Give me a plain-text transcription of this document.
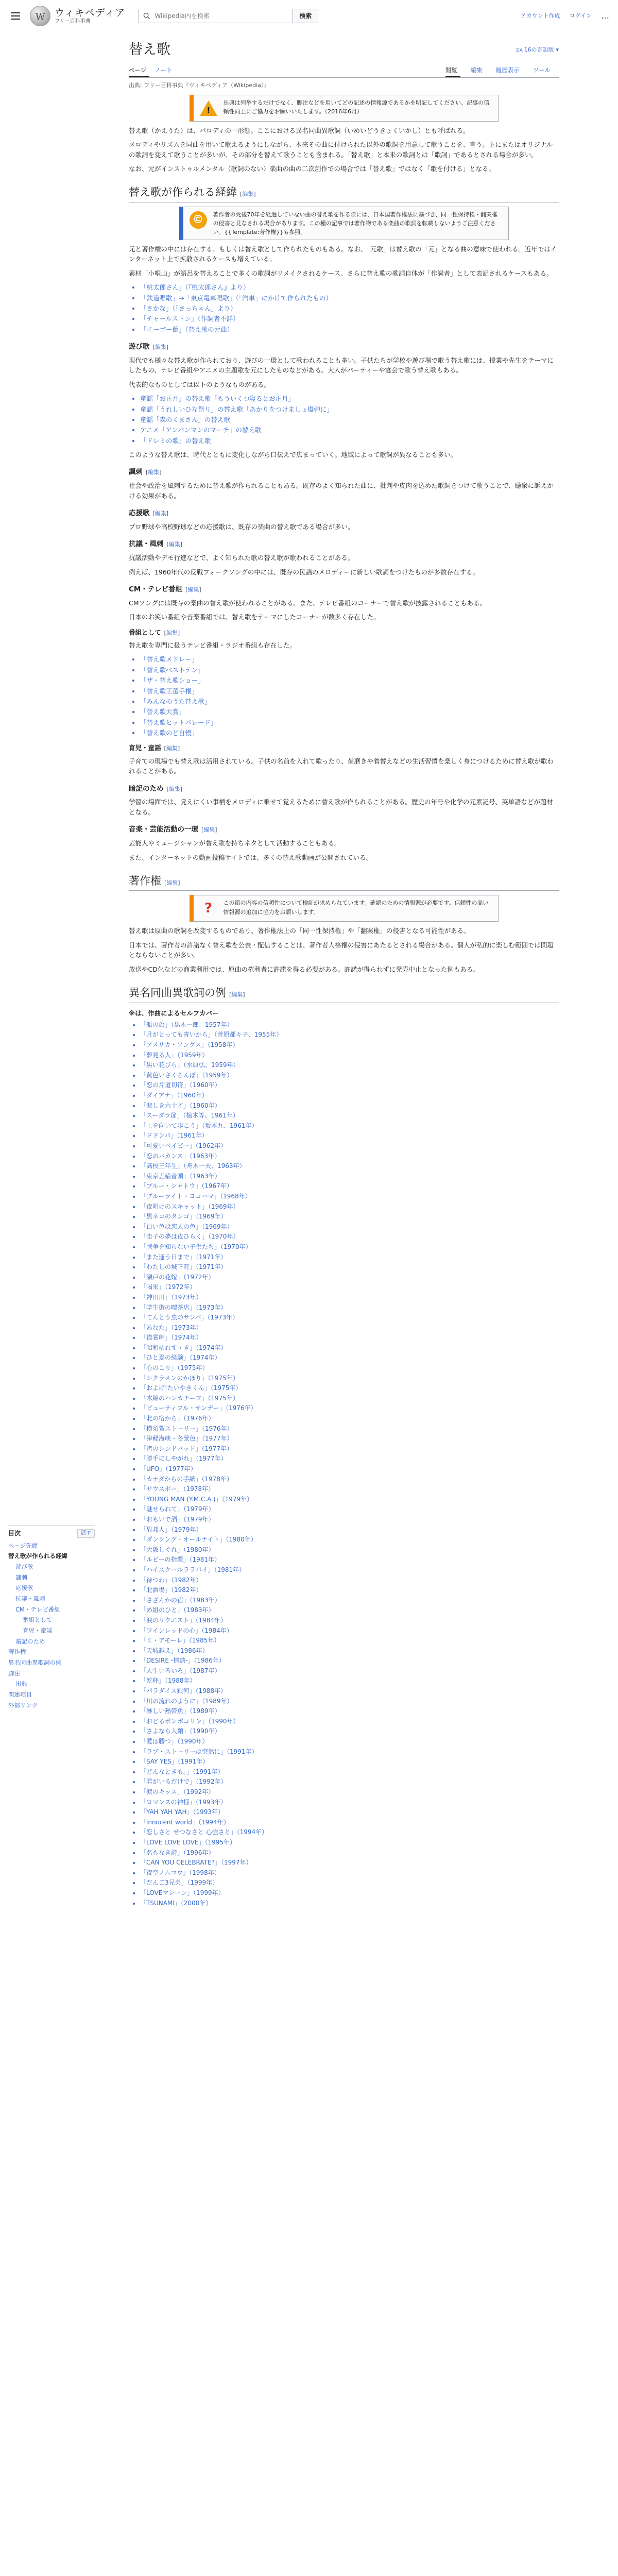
W
ウィキペディア
フリー百科事典
Wikipedia内を検索
検索	アカウント作成 ログイン …
目次	隠す
ページ先頭
替え歌が作られる経緯
遊び歌
諷刺
応援歌
抗議・風刺
CM・テレビ番組
番組として
育児・童謡
暗記のため
著作権
異名同曲異歌詞の例
脚注
出典
関連項目
外部リンク
替え歌	文A 16の言語版 ▾
ページ	ノート	閲覧	編集	履歴表示	ツール
出典: フリー百科事典『ウィキペディア（Wikipedia）』
!
出典は列挙するだけでなく、脚注などを用いてどの記述の情報源であるかを明記してください。記事の信頼性向上にご協力をお願いいたします。（2016年6月）

替え歌（かえうた）は、パロディの一形態。ここにおける異名同曲異歌詞（いめいどうきょくいかし）とも呼ばれる。

メロディやリズムを同曲を用いて歌えるようにしながら、本来その曲に付けられた以外の歌詞を用意して歌うことを、言う。主にまたはオリジナルの歌詞を変えて歌うことが多いが、その部分を替えて歌うことも含まれる。「替え歌」と本来の歌詞とは「歌詞」であるとされる場合が多い。

なお、元がインストゥルメンタル（歌詞のない）楽曲の曲の二次創作での場合では「替え歌」ではなく「歌を付ける」となる。

替え歌が作られる経緯 [編集]
©	著作者の死後70年を経過していない曲の替え歌を作る際には、日本国著作権法に基づき、同一性保持権・翻案権の侵害と見なされる場合があります。この種の記事では著作物である楽曲の歌詞を転載しないようご注意ください。{{Template:著作権}}も参照。

元と著作権の中には存在する、もしくは替え歌として作られたものもある。なお、「元歌」は替え歌の「元」となる曲の意味で使われる。近年ではインターネット上で拡散されるケースも増えている。

素材「小唄山」が語呂を替えることで多くの歌詞がリメイクされるケース、さらに替え歌の歌詞自体が「作詞者」として表記されるケースもある。

• 「桃太郎さん」（『桃太郎さん』より）
• 「鉄道唱歌」→「東京電車唱歌」（「汽車」にかけて作られたもの）
• 「さかな」（「さっちゃん」より）
• 「チャールストン」（作詞者不詳）
• 「イーゴー節」（替え歌の元曲）
遊び歌 [編集]

現代でも様々な替え歌が作られており、遊びの一環として歌われることも多い。子供たちが学校や遊び場で歌う替え歌には、授業や先生をテーマにしたもの、テレビ番組やアニメの主題歌を元にしたものなどがある。大人がパーティーや宴会で歌う替え歌もある。

代表的なものとしては以下のようなものがある。

• 童謡「お正月」の替え歌「もういくつ寝るとお正月」
• 童謡「うれしいひな祭り」の替え歌「あかりをつけましょ爆弾に」
• 童謡「森のくまさん」の替え歌
• アニメ「アンパンマンのマーチ」の替え歌
• 「ドレミの歌」の替え歌

このような替え歌は、時代とともに変化しながら口伝えで広まっていく。地域によって歌詞が異なることも多い。

諷刺 [編集]

社会や政治を風刺するために替え歌が作られることもある。既存のよく知られた曲に、批判や皮肉を込めた歌詞をつけて歌うことで、聴衆に訴えかける効果がある。

応援歌 [編集]

プロ野球や高校野球などの応援歌は、既存の楽曲の替え歌である場合が多い。

抗議・風刺 [編集]

抗議活動やデモ行進などで、よく知られた歌の替え歌が歌われることがある。

例えば、1960年代の反戦フォークソングの中には、既存の民謡のメロディーに新しい歌詞をつけたものが多数存在する。

CM・テレビ番組 [編集]

CMソングには既存の楽曲の替え歌が使われることがある。また、テレビ番組のコーナーで替え歌が披露されることもある。

日本のお笑い番組や音楽番組では、替え歌をテーマにしたコーナーが数多く存在した。

番組として [編集]

替え歌を専門に扱うテレビ番組・ラジオ番組も存在した。

• 「替え歌メドレー」
• 「替え歌ベストテン」
• 「ザ・替え歌ショー」
• 「替え歌王選手権」
• 「みんなのうた替え歌」
• 「替え歌大賞」
• 「替え歌ヒットパレード」
• 「替え歌のど自慢」
育児・童謡 [編集]

子育ての現場でも替え歌は活用されている。子供の名前を入れて歌ったり、歯磨きや着替えなどの生活習慣を楽しく身につけるために替え歌が歌われることがある。

暗記のため [編集]

学習の場面では、覚えにくい事柄をメロディに乗せて覚えるために替え歌が作られることがある。歴史の年号や化学の元素記号、英単語などが題材となる。

音楽・芸能活動の一環 [編集]

芸能人やミュージシャンが替え歌を持ちネタとして活動することもある。

また、インターネットの動画投稿サイトでは、多くの替え歌動画が公開されている。

著作権 [編集]
?	この節の内容の信頼性について検証が求められています。確認のための情報源が必要です。信頼性の高い情報源の追加に協力をお願いします。

替え歌は原曲の歌詞を改変するものであり、著作権法上の「同一性保持権」や「翻案権」の侵害となる可能性がある。

日本では、著作者の許諾なく替え歌を公表・配信することは、著作者人格権の侵害にあたるとされる場合がある。個人が私的に楽しむ範囲では問題とならないことが多い。

放送やCD化などの商業利用では、原曲の権利者に許諾を得る必要がある。許諾が得られずに発売中止となった例もある。

異名同曲異歌詞の例 [編集]
※は、作曲によるセルフカバー
• 「船の旅」（黒木一郎、1957年）
• 「月がとっても青いから」（菅原都々子、1955年）
• 「アメリカ・ソングス」（1958年）
• 「夢見る人」（1959年）
• 「黒い花びら」（水原弘、1959年）
• 「黄色いさくらんぼ」（1959年）
• 「恋の片道切符」（1960年）
• 「ダイアナ」（1960年）
• 「悲しき六十才」（1960年）
• 「スーダラ節」（植木等、1961年）
• 「上を向いて歩こう」（坂本九、1961年）
• 「ドドンパ」（1961年）
• 「可愛いベイビー」（1962年）
• 「恋のバカンス」（1963年）
• 「高校三年生」（舟木一夫、1963年）
• 「東京五輪音頭」（1963年）
• 「ブルー・シャトウ」（1967年）
• 「ブルーライト・ヨコハマ」（1968年）
• 「夜明けのスキャット」（1969年）
• 「黒ネコのタンゴ」（1969年）
• 「白い色は恋人の色」（1969年）
• 「圭子の夢は夜ひらく」（1970年）
• 「戦争を知らない子供たち」（1970年）
• 「また逢う日まで」（1971年）
• 「わたしの城下町」（1971年）
• 「瀬戸の花嫁」（1972年）
• 「喝采」（1972年）
• 「神田川」（1973年）
• 「学生街の喫茶店」（1973年）
• 「てんとう虫のサンバ」（1973年）
• 「あなた」（1973年）
• 「襟裳岬」（1974年）
• 「昭和枯れすゝき」（1974年）
• 「ひと夏の経験」（1974年）
• 「心のこり」（1975年）
• 「シクラメンのかほり」（1975年）
• 「およげ!たいやきくん」（1975年）
• 「木綿のハンカチーフ」（1975年）
• 「ビューティフル・サンデー」（1976年）
• 「北の宿から」（1976年）
• 「横須賀ストーリー」（1976年）
• 「津軽海峡・冬景色」（1977年）
• 「渚のシンドバッド」（1977年）
• 「勝手にしやがれ」（1977年）
• 「UFO」（1977年）
• 「カナダからの手紙」（1978年）
• 「サウスポー」（1978年）
• 「YOUNG MAN (Y.M.C.A.)」（1979年）
• 「魅せられて」（1979年）
• 「おもいで酒」（1979年）
• 「異邦人」（1979年）
• 「ダンシング・オールナイト」（1980年）
• 「大阪しぐれ」（1980年）
• 「ルビーの指環」（1981年）
• 「ハイスクールララバイ」（1981年）
• 「待つわ」（1982年）
• 「北酒場」（1982年）
• 「さざんかの宿」（1983年）
• 「め組のひと」（1983年）
• 「涙のリクエスト」（1984年）
• 「ワインレッドの心」（1984年）
• 「ミ・アモーレ」（1985年）
• 「天城越え」（1986年）
• 「DESIRE -情熱-」（1986年）
• 「人生いろいろ」（1987年）
• 「乾杯」（1988年）
• 「パラダイス銀河」（1988年）
• 「川の流れのように」（1989年）
• 「淋しい熱帯魚」（1989年）
• 「おどるポンポコリン」（1990年）
• 「さよなら人類」（1990年）
• 「愛は勝つ」（1990年）
• 「ラブ・ストーリーは突然に」（1991年）
• 「SAY YES」（1991年）
• 「どんなときも。」（1991年）
• 「君がいるだけで」（1992年）
• 「涙のキッス」（1992年）
• 「ロマンスの神様」（1993年）
• 「YAH YAH YAH」（1993年）
• 「innocent world」（1994年）
• 「恋しさと せつなさと 心強さと」（1994年）
• 「LOVE LOVE LOVE」（1995年）
• 「名もなき詩」（1996年）
• 「CAN YOU CELEBRATE?」（1997年）
• 「夜空ノムコウ」（1998年）
• 「だんご3兄弟」（1999年）
• 「LOVEマシーン」（1999年）
• 「TSUNAMI」（2000年）
